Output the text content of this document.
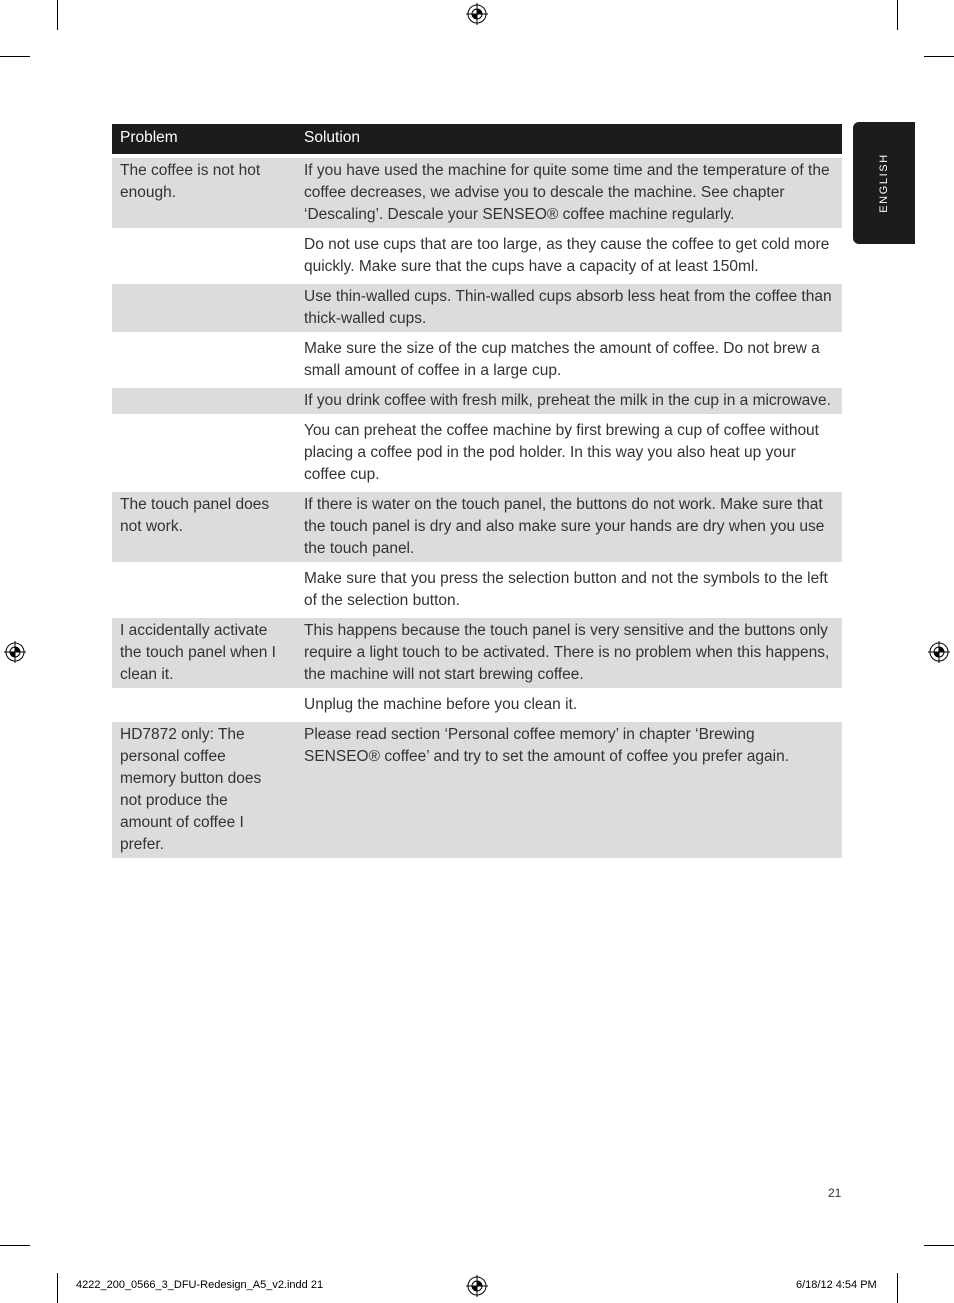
ENGLISH
Problem	Solution
The coffee is not hot enough.
If you have used the machine for quite some time and the temperature of the coffee decreases, we advise you to descale the machine. See chapter ‘Descaling’. Descale your SENSEO® coffee machine regularly.
Do not use cups that are too large, as they cause the coffee to get cold more quickly. Make sure that the cups have a capacity of at least 150ml.
Use thin-walled cups. Thin-walled cups absorb less heat from the coffee than thick-walled cups.
Make sure the size of the cup matches the amount of coffee. Do not brew a small amount of coffee in a large cup.
If you drink coffee with fresh milk, preheat the milk in the cup in a microwave.
You can preheat the coffee machine by first brewing a cup of coffee without placing a coffee pod in the pod holder. In this way you also heat up your coffee cup.
The touch panel does not work.
If there is water on the touch panel, the buttons do not work. Make sure that the touch panel is dry and also make sure your hands are dry when you use the touch panel.
Make sure that you press the selection button and not the symbols to the left of the selection button.
I accidentally activate the touch panel when I clean it.
This happens because the touch panel is very sensitive and the buttons only require a light touch to be activated. There is no problem when this happens, the machine will not start brewing coffee.
Unplug the machine before you clean it.
HD7872 only: The personal coffee memory button does not produce the amount of coffee I prefer.
Please read section ‘Personal coffee memory’ in chapter ‘Brewing SENSEO® coffee’ and try to set the amount of coffee you prefer again.
21
4222_200_0566_3_DFU-Redesign_A5_v2.indd 21	6/18/12 4:54 PM
